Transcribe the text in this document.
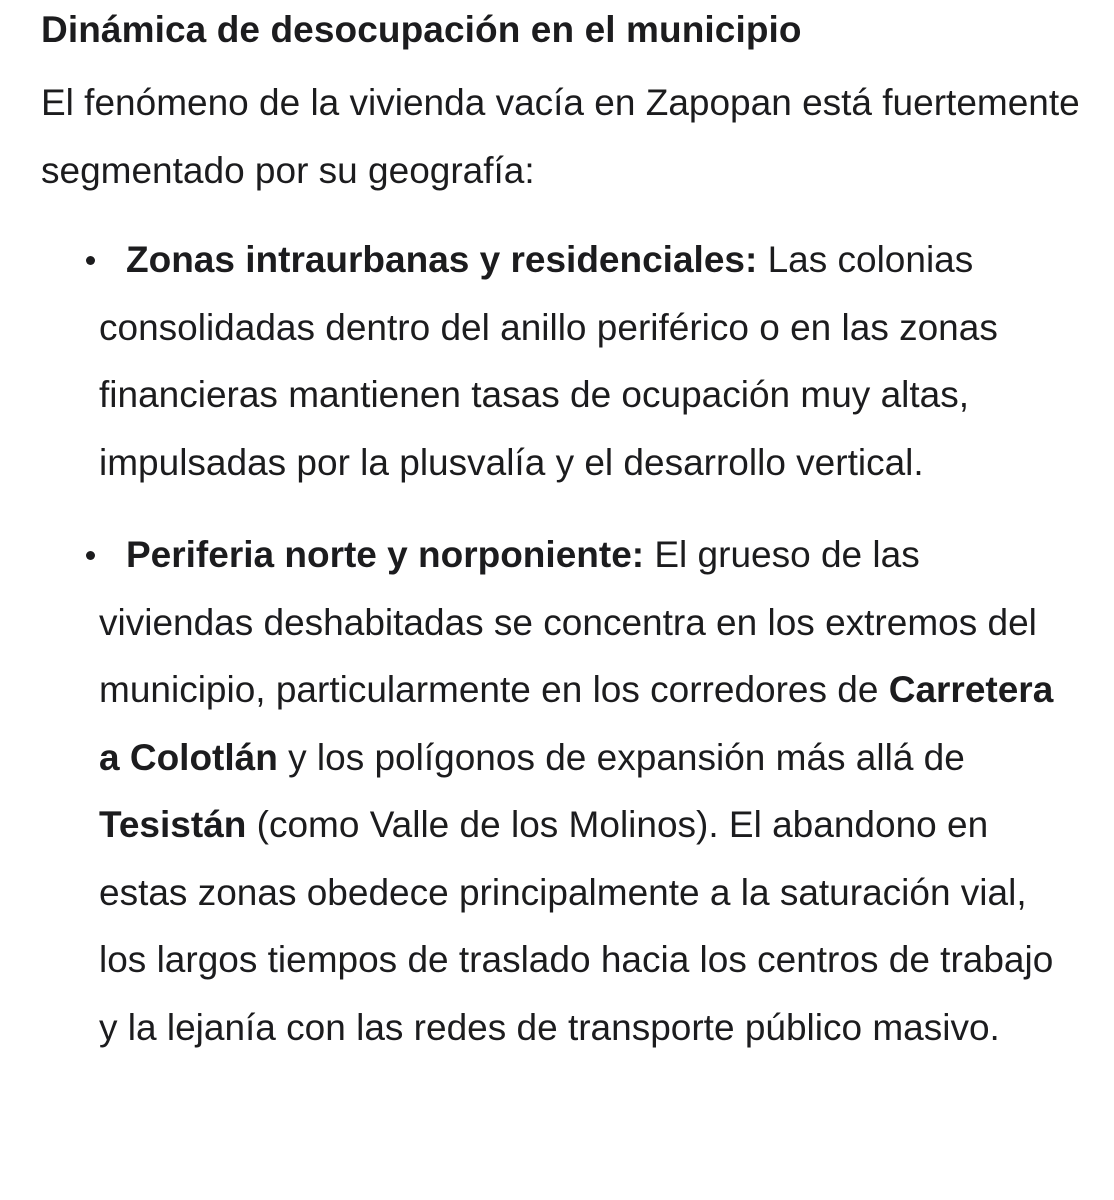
Dinámica de desocupación en el municipio

El fenómeno de la vivienda vacía en Zapopan está fuertemente segmentado por su geografía:

Zonas intraurbanas y residenciales: Las colonias consolidadas dentro del anillo periférico o en las zonas financieras mantienen tasas de ocupación muy altas, impulsadas por la plusvalía y el desarrollo vertical.
Periferia norte y norponiente: El grueso de las viviendas deshabitadas se concentra en los extremos del municipio, particularmente en los corredores de Carretera a Colotlán y los polígonos de expansión más allá de Tesistán (como Valle de los Molinos). El abandono en estas zonas obedece principalmente a la saturación vial, los largos tiempos de traslado hacia los centros de trabajo y la lejanía con las redes de transporte público masivo.
